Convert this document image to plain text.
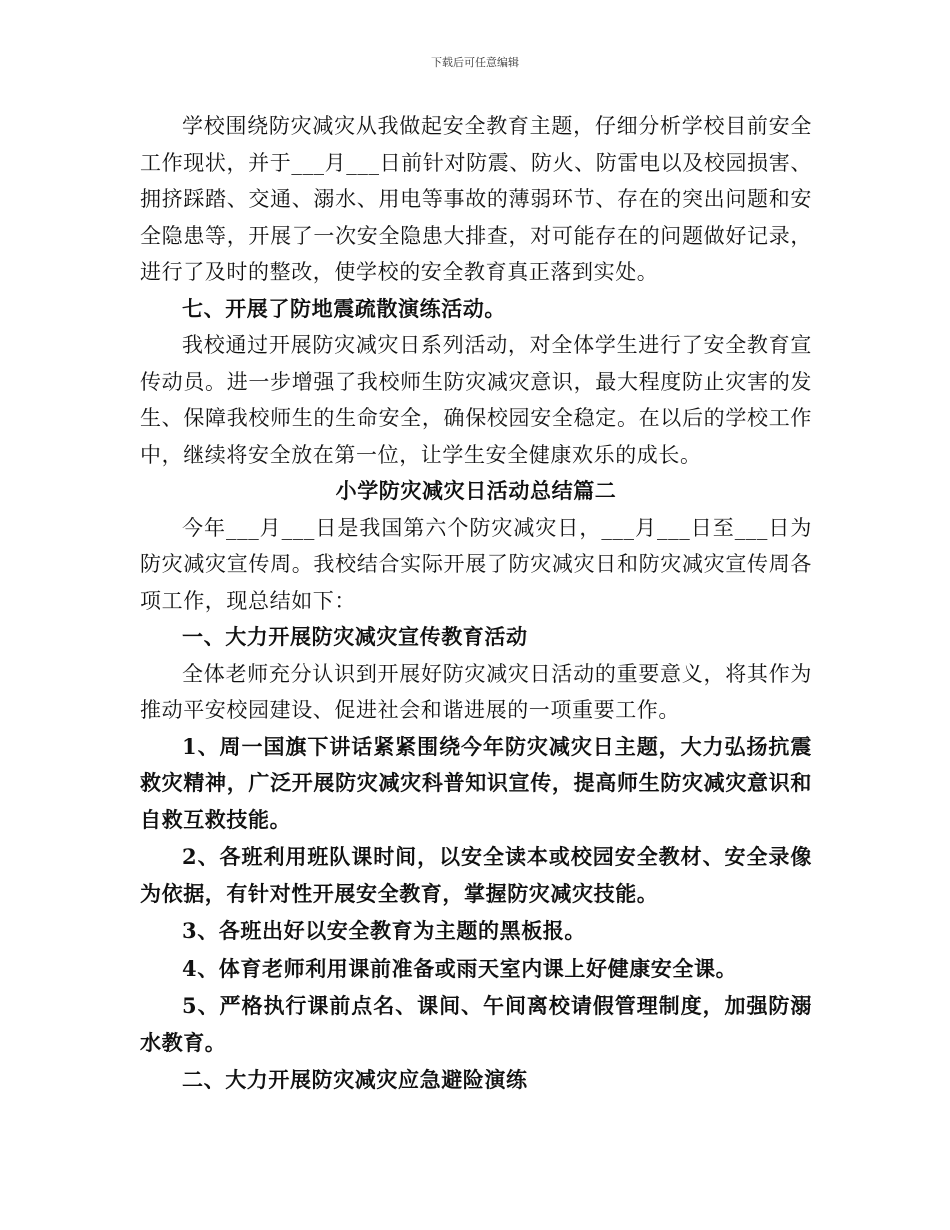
下载后可任意编辑

学校围绕防灾减灾从我做起安全教育主题，仔细分析学校目前安全工作现状，并于___月___日前针对防震、防火、防雷电以及校园损害、拥挤踩踏、交通、溺水、用电等事故的薄弱环节、存在的突出问题和安全隐患等，开展了一次安全隐患大排查，对可能存在的问题做好记录，进行了及时的整改，使学校的安全教育真正落到实处。

七、开展了防地震疏散演练活动。

我校通过开展防灾减灾日系列活动，对全体学生进行了安全教育宣传动员。进一步增强了我校师生防灾减灾意识，最大程度防止灾害的发生、保障我校师生的生命安全，确保校园安全稳定。在以后的学校工作中，继续将安全放在第一位，让学生安全健康欢乐的成长。

小学防灾减灾日活动总结篇二

今年___月___日是我国第六个防灾减灾日，___月___日至___日为防灾减灾宣传周。我校结合实际开展了防灾减灾日和防灾减灾宣传周各项工作，现总结如下：

一、大力开展防灾减灾宣传教育活动

全体老师充分认识到开展好防灾减灾日活动的重要意义，将其作为推动平安校园建设、促进社会和谐进展的一项重要工作。

1、周一国旗下讲话紧紧围绕今年防灾减灾日主题，大力弘扬抗震救灾精神，广泛开展防灾减灾科普知识宣传，提高师生防灾减灾意识和自救互救技能。

2、各班利用班队课时间，以安全读本或校园安全教材、安全录像为依据，有针对性开展安全教育，掌握防灾减灾技能。

3、各班出好以安全教育为主题的黑板报。

4、体育老师利用课前准备或雨天室内课上好健康安全课。

5、严格执行课前点名、课间、午间离校请假管理制度，加强防溺水教育。

二、大力开展防灾减灾应急避险演练
